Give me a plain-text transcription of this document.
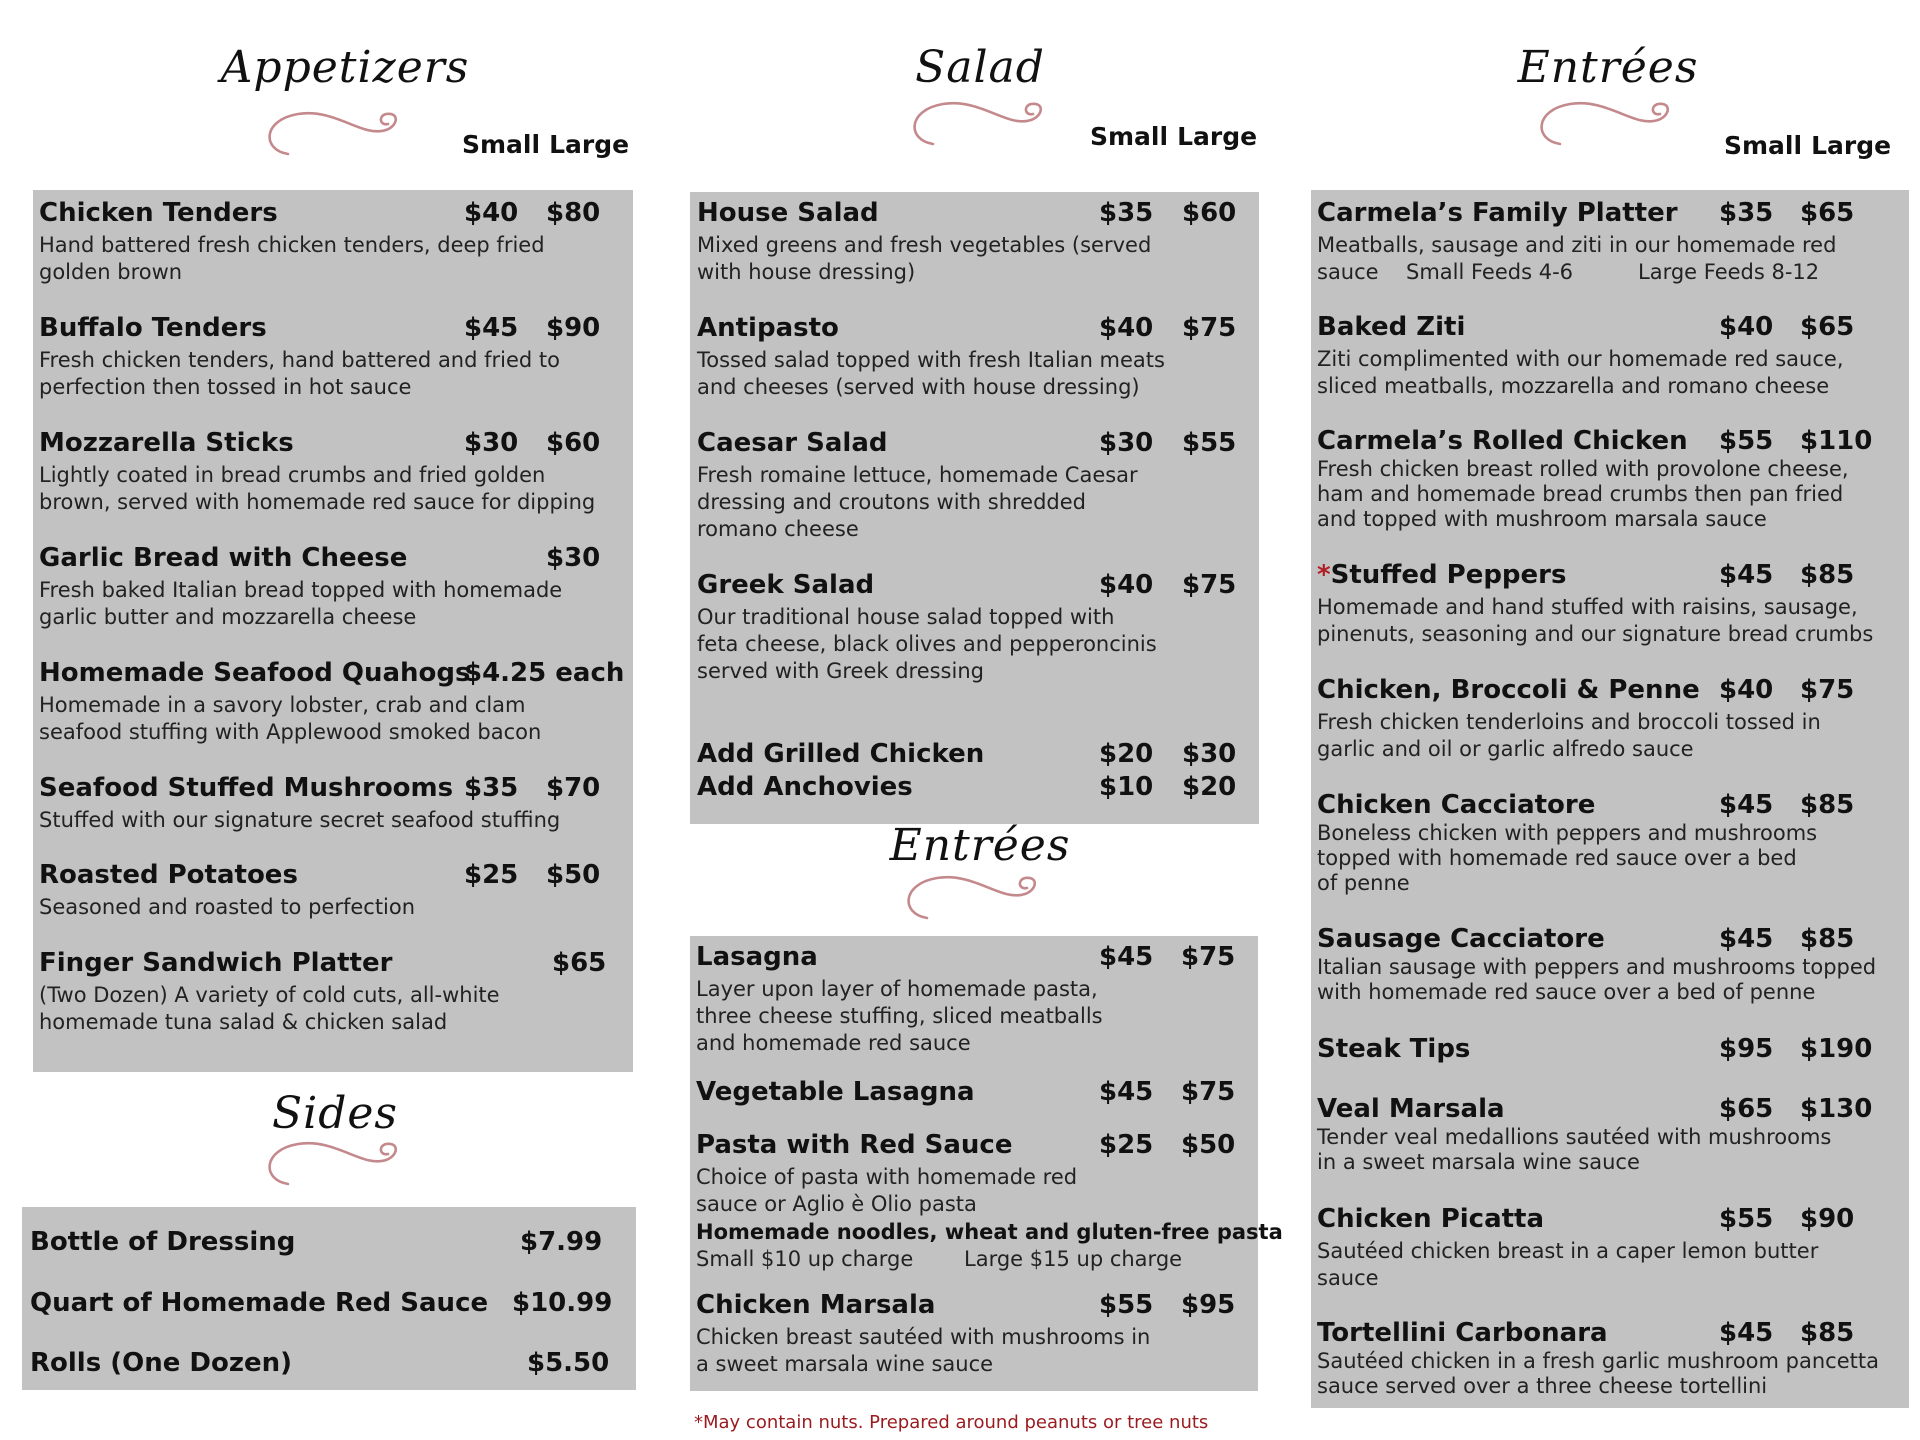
Appetizers
Small Large
Chicken Tenders	$40 $80
Hand battered fresh chicken tenders, deep fried
golden brown
Buffalo Tenders	$45 $90
Fresh chicken tenders, hand battered and fried to
perfection then tossed in hot sauce
Mozzarella Sticks	$30 $60
Lightly coated in bread crumbs and fried golden
brown, served with homemade red sauce for dipping
Garlic Bread with Cheese	$30
Fresh baked Italian bread topped with homemade
garlic butter and mozzarella cheese
Homemade Seafood Quahogs
$4.25 each
Homemade in a savory lobster, crab and clam
seafood stuffing with Applewood smoked bacon
Seafood Stuffed Mushrooms $35 $70
Stuffed with our signature secret seafood stuffing
Roasted Potatoes	$25 $50
Seasoned and roasted to perfection
Finger Sandwich Platter	$65
(Two Dozen) A variety of cold cuts, all-white
homemade tuna salad & chicken salad
Sides
Bottle of Dressing	$7.99
Quart of Homemade Red Sauce $10.99
Rolls (One Dozen)	$5.50
Salad
Small Large
House Salad	$35 $60
Mixed greens and fresh vegetables (served
with house dressing)
Antipasto	$40 $75
Tossed salad topped with fresh Italian meats
and cheeses (served with house dressing)
Caesar Salad	$30 $55
Fresh romaine lettuce, homemade Caesar
dressing and croutons with shredded
romano cheese
Greek Salad	$40 $75
Our traditional house salad topped with
feta cheese, black olives and pepperoncinis
served with Greek dressing
Add Grilled Chicken	$20 $30
Add Anchovies	$10 $20
Entrées
Lasagna	$45 $75
Layer upon layer of homemade pasta,
three cheese stuffing, sliced meatballs
and homemade red sauce
Vegetable Lasagna	$45 $75
Pasta with Red Sauce	$25 $50
Choice of pasta with homemade red
sauce or Aglio è Olio pasta
Homemade noodles, wheat and gluten-free pasta
Small $10 up charge Large $15 up charge
Chicken Marsala	$55 $95
Chicken breast sautéed with mushrooms in
a sweet marsala wine sauce
*May contain nuts. Prepared around peanuts or tree nuts
Entrées
Small Large
Carmela’s Family Platter $35 $65
Meatballs, sausage and ziti in our homemade red
sauce Small Feeds 4-6	Large Feeds 8-12
Baked Ziti	$40 $65
Ziti complimented with our homemade red sauce,
sliced meatballs, mozzarella and romano cheese
Carmela’s Rolled Chicken $55 $110
Fresh chicken breast rolled with provolone cheese,
ham and homemade bread crumbs then pan fried
and topped with mushroom marsala sauce
*Stuffed Peppers	$45 $85
Homemade and hand stuffed with raisins, sausage,
pinenuts, seasoning and our signature bread crumbs
Chicken, Broccoli & Penne $40 $75
Fresh chicken tenderloins and broccoli tossed in
garlic and oil or garlic alfredo sauce
Chicken Cacciatore	$45 $85
Boneless chicken with peppers and mushrooms
topped with homemade red sauce over a bed
of penne
Sausage Cacciatore	$45 $85
Italian sausage with peppers and mushrooms topped
with homemade red sauce over a bed of penne
Steak Tips	$95 $190
Veal Marsala	$65 $130
Tender veal medallions sautéed with mushrooms
in a sweet marsala wine sauce
Chicken Picatta	$55 $90
Sautéed chicken breast in a caper lemon butter
sauce
Tortellini Carbonara	$45 $85
Sautéed chicken in a fresh garlic mushroom pancetta
sauce served over a three cheese tortellini
